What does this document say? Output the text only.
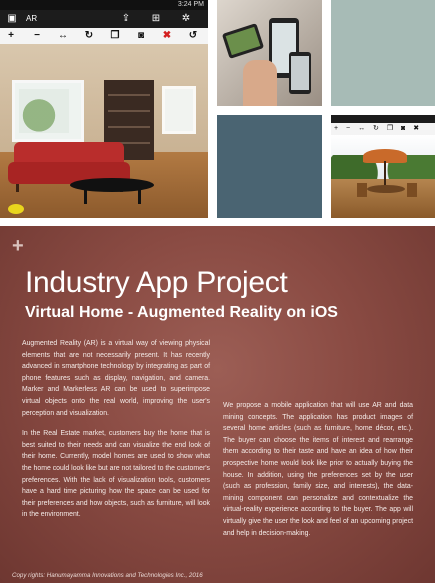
3:24 PM
▣ AR	⇪ ⊞ ✲
+	−	↔ ↻ ❐	◙	✖ ↺
+ − ↔ ↻ ❐ ◙ ✖
+
Industry App Project
Virtual Home - Augmented Reality on iOS

Augmented Reality (AR) is a virtual way of viewing physical elements that are not necessarily present. It has recently advanced in smartphone technology by integrating as part of phone features such as display, navigation, and camera. Marker and Markerless AR can be used to superimpose virtual objects onto the real world, improving the user's perception and visualization.

In the Real Estate market, customers buy the home that is best suited to their needs and can visualize the end look of their home. Currently, model homes are used to show what the home could look like but are not tailored to the customer's preferences. With the lack of visualization tools, customers have a hard time picturing how the space can be used for their preferences and how objects, such as furniture, will look in the environment.

We propose a mobile application that will use AR and data mining concepts. The application has product images of several home articles (such as furniture, home décor, etc.). The buyer can choose the items of interest and rearrange them according to their taste and have an idea of how their prospective home would look like prior to actually buying the house. In addition, using the preferences set by the user (such as profession, family size, and interests), the data-mining component can personalize and contextualize the virtual-reality experience according to the buyer. The app will virtually give the user the look and feel of an upcoming project and help in decision-making.

Copy rights: Hanumayamma Innovations and Technologies Inc., 2016
